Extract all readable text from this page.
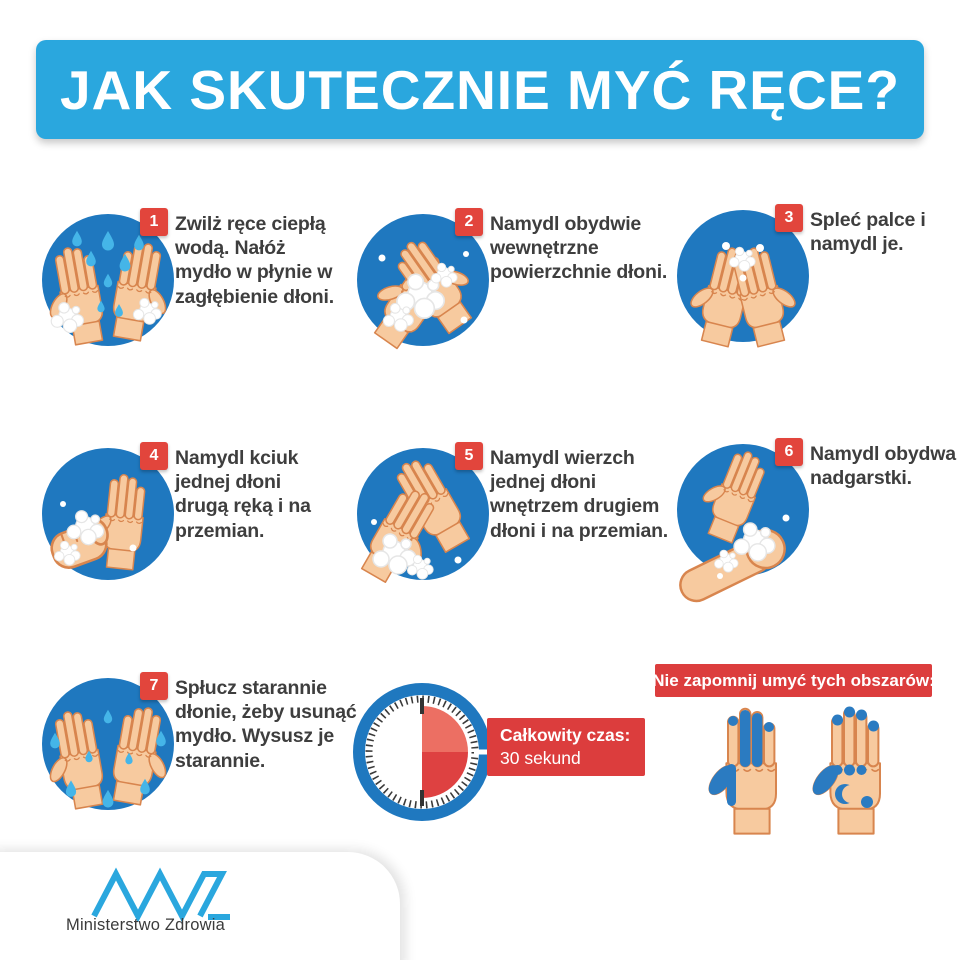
JAK SKUTECZNIE MYĆ RĘCE?
1 Zwilż ręce ciepłą wodą. Nałóż mydło w płynie w zagłębienie dłoni.
2 Namydl obydwie wewnętrzne powierzchnie dłoni.
3 Spleć palce i namydl je.
4 Namydl kciuk jednej dłoni drugą ręką i na przemian.
5 Namydl wierzch jednej dłoni wnętrzem drugiem dłoni i na przemian.
6 Namydl obydwa nadgarstki.
7 Spłucz starannie dłonie, żeby usunąć mydło. Wysusz je starannie.
Całkowity czas:
30 sekund
Nie zapomnij umyć tych obszarów:
Ministerstwo Zdrowia
